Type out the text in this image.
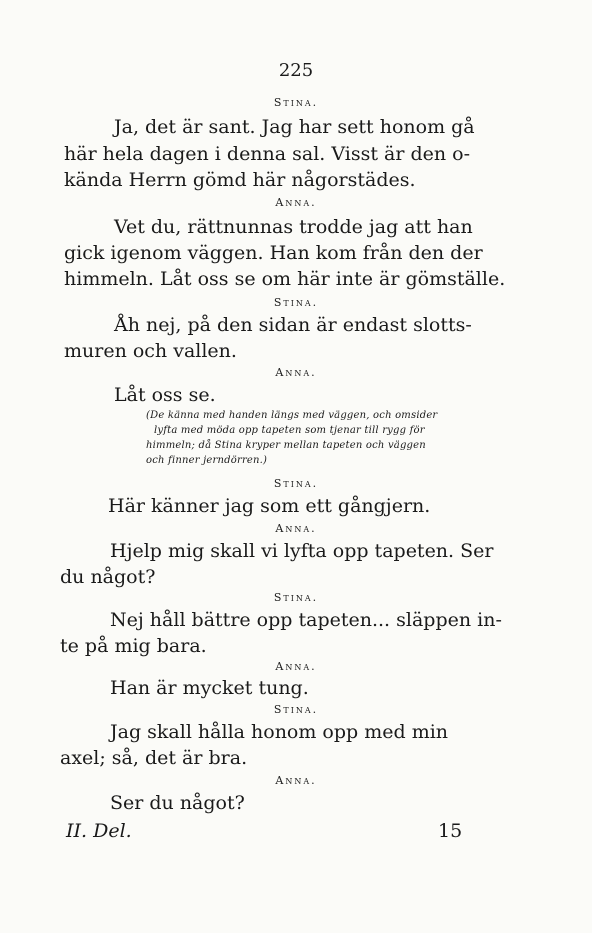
225
Stina.
Ja, det är sant. Jag har sett honom gå
här hela dagen i denna sal. Visst är den o-
kända Herrn gömd här någorstädes.
Anna.
Vet du, rättnunnas trodde jag att han
gick igenom väggen. Han kom från den der
himmeln. Låt oss se om här inte är gömställe.
Stina.
Åh nej, på den sidan är endast slotts-
muren och vallen.
Anna.
Låt oss se.
(De känna med handen längs med väggen, och omsider
lyfta med möda opp tapeten som tjenar till rygg för
himmeln; då Stina kryper mellan tapeten och väggen
och finner jerndörren.)
Stina.
Här känner jag som ett gångjern.
Anna.
Hjelp mig skall vi lyfta opp tapeten. Ser
du något?
Stina.
Nej håll bättre opp tapeten... släppen in-
te på mig bara.
Anna.
Han är mycket tung.
Stina.
Jag skall hålla honom opp med min
axel; så, det är bra.
Anna.
Ser du något?
II. Del.	15
